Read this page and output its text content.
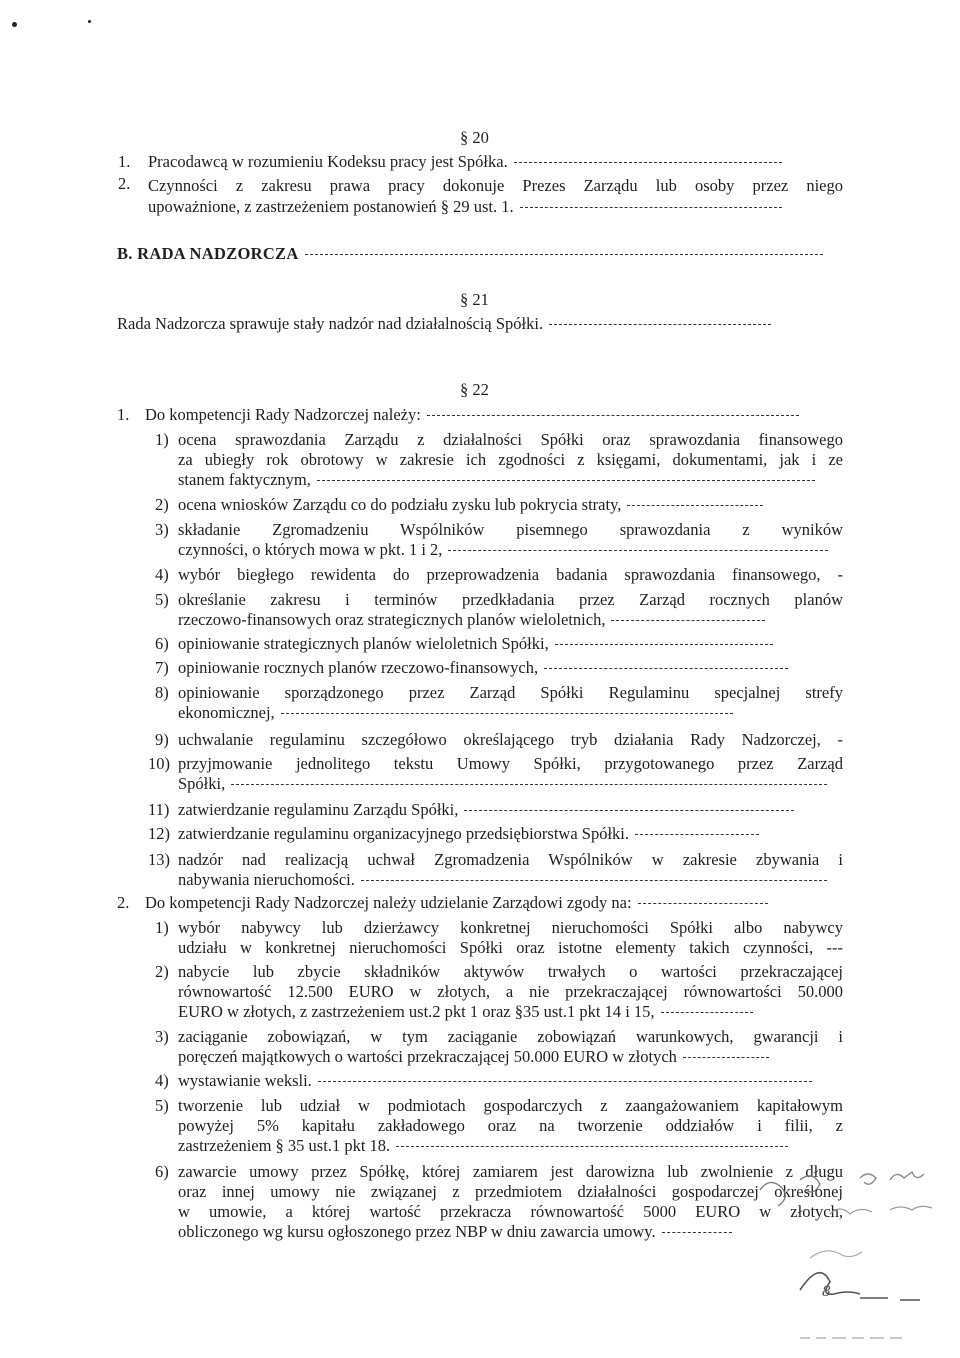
§ 20
1. Pracodawcą w rozumieniu Kodeksu pracy jest Spółka.
2. Czynności z zakresu prawa pracy dokonuje Prezes Zarządu lub osoby przez niego
upoważnione, z zastrzeżeniem postanowień § 29 ust. 1.
B. RADA NADZORCZA
§ 21
Rada Nadzorcza sprawuje stały nadzór nad działalnością Spółki.
§ 22
1. Do kompetencji Rady Nadzorczej należy:
1) ocena sprawozdania Zarządu z działalności Spółki oraz sprawozdania finansowego
za ubiegły rok obrotowy w zakresie ich zgodności z księgami, dokumentami, jak i ze
stanem faktycznym,
2) ocena wniosków Zarządu co do podziału zysku lub pokrycia straty,
3) składanie Zgromadzeniu Wspólników pisemnego sprawozdania z wyników
czynności, o których mowa w pkt. 1 i 2,
4) wybór biegłego rewidenta do przeprowadzenia badania sprawozdania finansowego, -
5) określanie zakresu i terminów przedkładania przez Zarząd rocznych planów
rzeczowo-finansowych oraz strategicznych planów wieloletnich,
6) opiniowanie strategicznych planów wieloletnich Spółki,
7) opiniowanie rocznych planów rzeczowo-finansowych,
8) opiniowanie sporządzonego przez Zarząd Spółki Regulaminu specjalnej strefy
ekonomicznej,
9) uchwalanie regulaminu szczegółowo określającego tryb działania Rady Nadzorczej, -
10) przyjmowanie jednolitego tekstu Umowy Spółki, przygotowanego przez Zarząd
Spółki,
11) zatwierdzanie regulaminu Zarządu Spółki,
12) zatwierdzanie regulaminu organizacyjnego przedsiębiorstwa Spółki.
13) nadzór nad realizacją uchwał Zgromadzenia Wspólników w zakresie zbywania i
nabywania nieruchomości.
2. Do kompetencji Rady Nadzorczej należy udzielanie Zarządowi zgody na:
1) wybór nabywcy lub dzierżawcy konkretnej nieruchomości Spółki albo nabywcy
udziału w konkretnej nieruchomości Spółki oraz istotne elementy takich czynności, ---
2) nabycie lub zbycie składników aktywów trwałych o wartości przekraczającej
równowartość 12.500 EURO w złotych, a nie przekraczającej równowartości 50.000
EURO w złotych, z zastrzeżeniem ust.2 pkt 1 oraz §35 ust.1 pkt 14 i 15,
3) zaciąganie zobowiązań, w tym zaciąganie zobowiązań warunkowych, gwarancji i
poręczeń majątkowych o wartości przekraczającej 50.000 EURO w złotych
4) wystawianie weksli.
5) tworzenie lub udział w podmiotach gospodarczych z zaangażowaniem kapitałowym
powyżej 5% kapitału zakładowego oraz na tworzenie oddziałów i filii, z
zastrzeżeniem § 35 ust.1 pkt 18.
6) zawarcie umowy przez Spółkę, której zamiarem jest darowizna lub zwolnienie z długu
oraz innej umowy nie związanej z przedmiotem działalności gospodarczej określonej
w umowie, a której wartość przekracza równowartość 5000 EURO w złotych,
obliczonego wg kursu ogłoszonego przez NBP w dniu zawarcia umowy.
8
